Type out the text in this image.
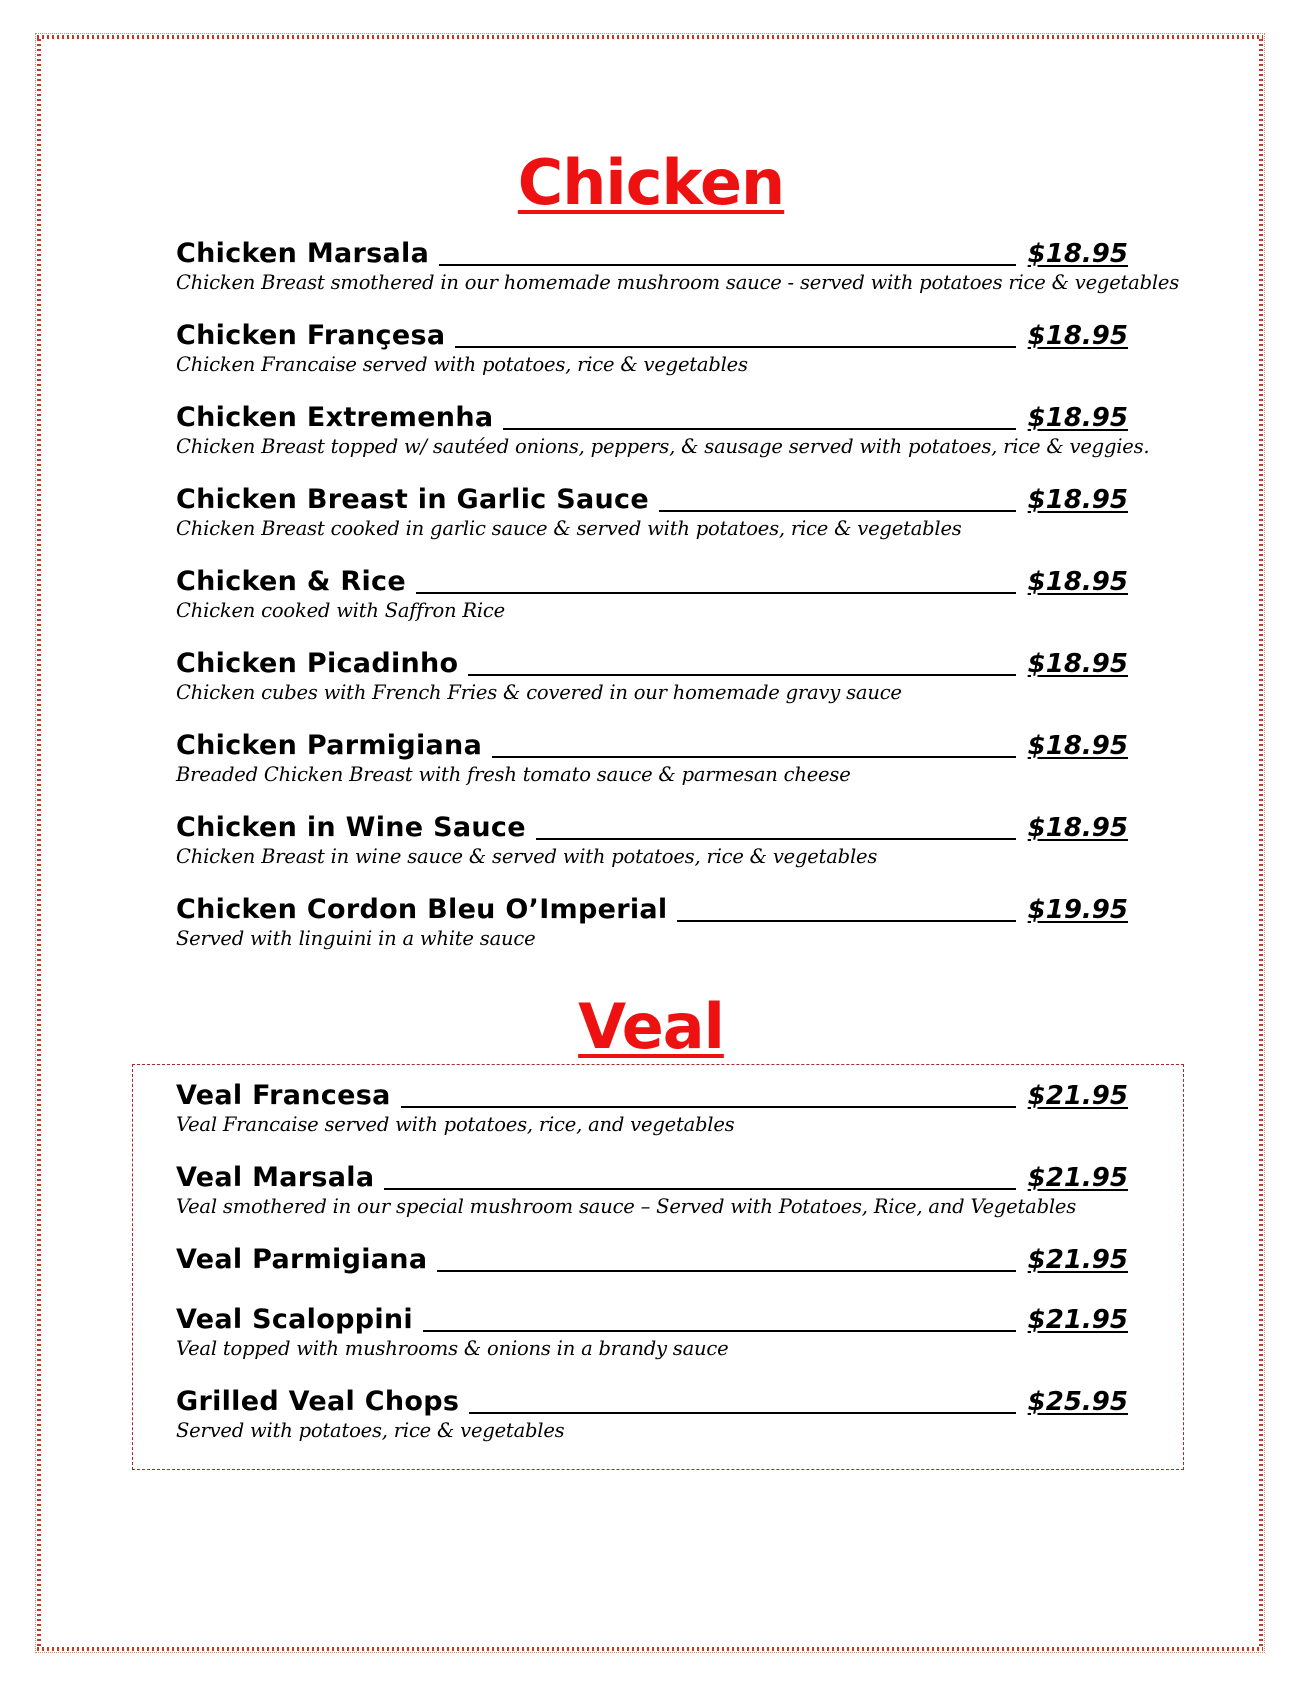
Chicken
Chicken Marsala	$18.95
Chicken Breast smothered in our homemade mushroom sauce - served with potatoes rice & vegetables
Chicken Françesa	$18.95
Chicken Francaise served with potatoes, rice & vegetables
Chicken Extremenha	$18.95
Chicken Breast topped w/ sautéed onions, peppers, & sausage served with potatoes, rice & veggies.
Chicken Breast in Garlic Sauce	$18.95
Chicken Breast cooked in garlic sauce & served with potatoes, rice & vegetables
Chicken & Rice	$18.95
Chicken cooked with Saffron Rice
Chicken Picadinho	$18.95
Chicken cubes with French Fries & covered in our homemade gravy sauce
Chicken Parmigiana	$18.95
Breaded Chicken Breast with fresh tomato sauce & parmesan cheese
Chicken in Wine Sauce	$18.95
Chicken Breast in wine sauce & served with potatoes, rice & vegetables
Chicken Cordon Bleu O’Imperial	$19.95
Served with linguini in a white sauce
Veal
Veal Francesa	$21.95
Veal Francaise served with potatoes, rice, and vegetables
Veal Marsala	$21.95
Veal smothered in our special mushroom sauce – Served with Potatoes, Rice, and Vegetables
Veal Parmigiana	$21.95
Veal Scaloppini	$21.95
Veal topped with mushrooms & onions in a brandy sauce
Grilled Veal Chops	$25.95
Served with potatoes, rice & vegetables
